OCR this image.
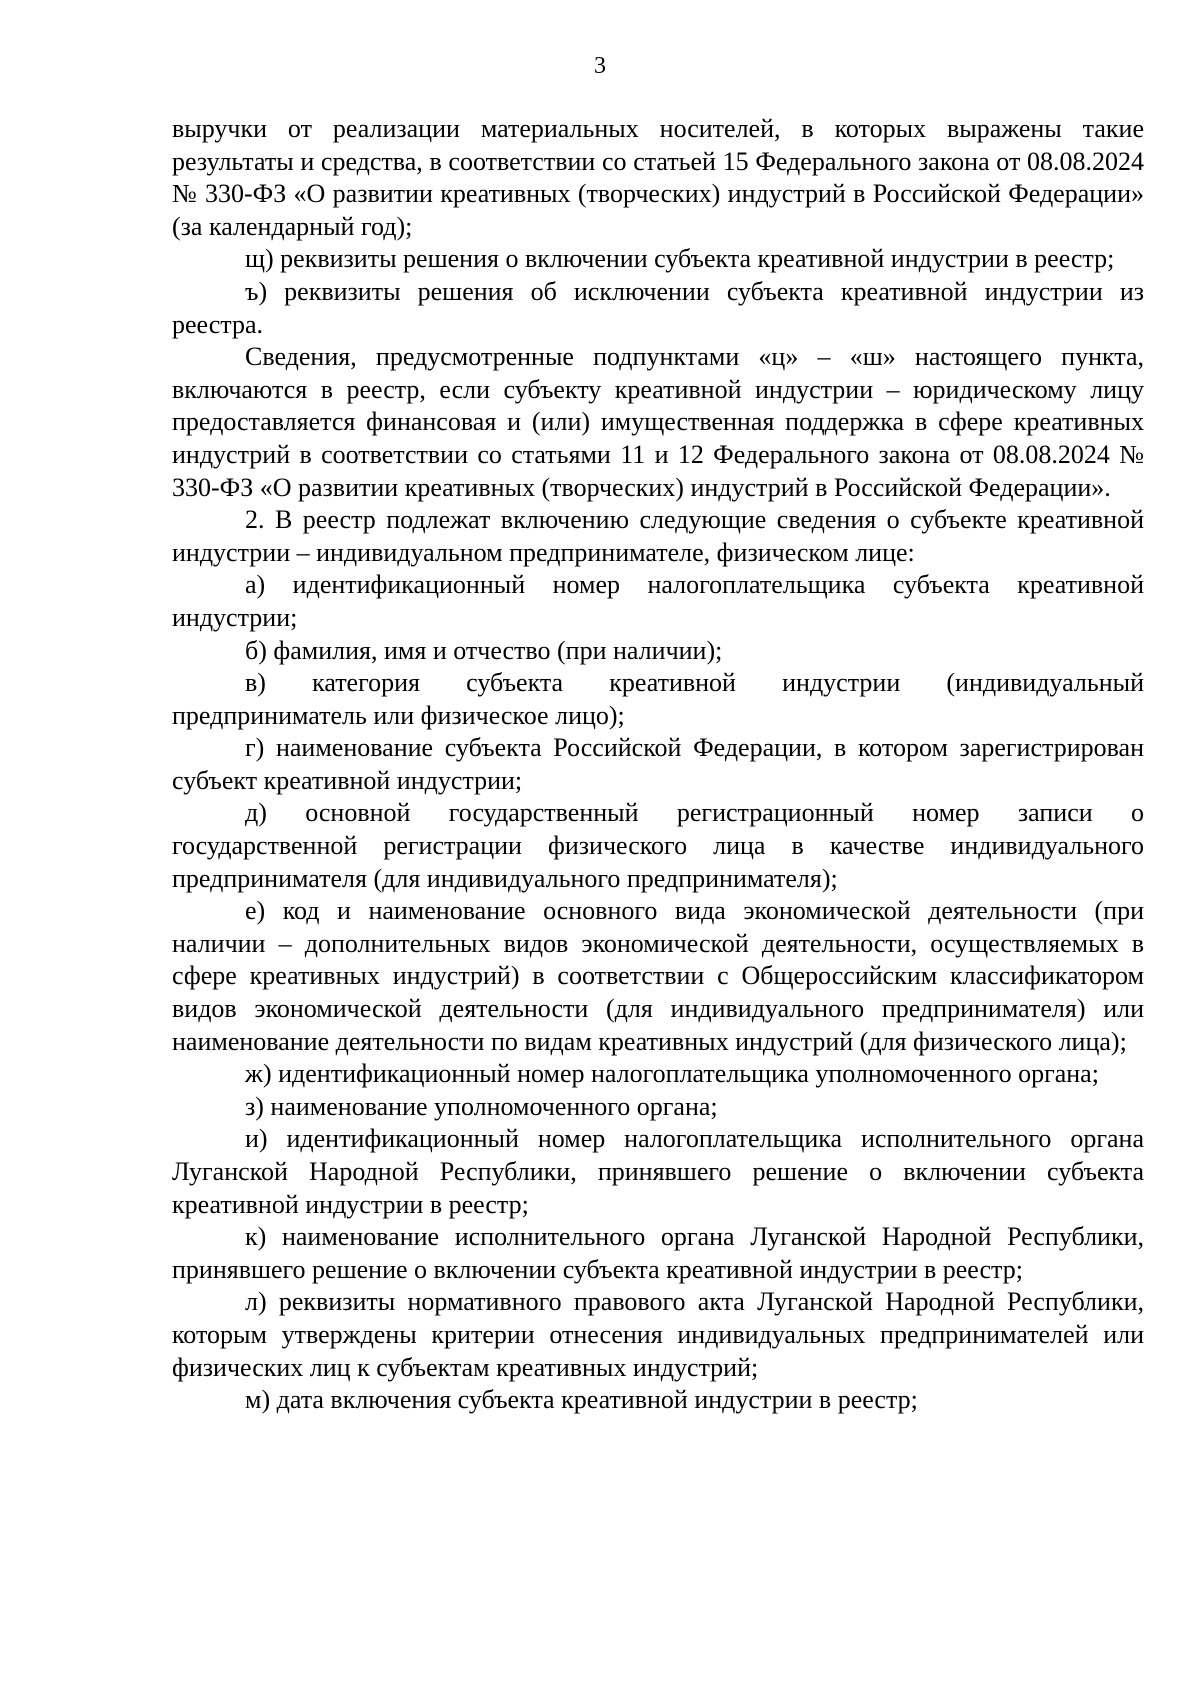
3

выручки от реализации материальных носителей, в которых выражены такие результаты и средства, в соответствии со статьей 15 Федерального закона от 08.08.2024 № 330-ФЗ «О развитии креативных (творческих) индустрий в Российской Федерации» (за календарный год);

щ) реквизиты решения о включении субъекта креативной индустрии в реестр;

ъ) реквизиты решения об исключении субъекта креативной индустрии из реестра.

Сведения, предусмотренные подпунктами «ц» – «ш» настоящего пункта, включаются в реестр, если субъекту креативной индустрии – юридическому лицу предоставляется финансовая и (или) имущественная поддержка в сфере креативных индустрий в соответствии со статьями 11 и 12 Федерального закона от 08.08.2024 № 330-ФЗ «О развитии креативных (творческих) индустрий в Российской Федерации».

2. В реестр подлежат включению следующие сведения о субъекте креативной индустрии – индивидуальном предпринимателе, физическом лице:

а) идентификационный номер налогоплательщика субъекта креативной индустрии;

б) фамилия, имя и отчество (при наличии);

в) категория субъекта креативной индустрии (индивидуальный предприниматель или физическое лицо);

г) наименование субъекта Российской Федерации, в котором зарегистрирован субъект креативной индустрии;

д) основной государственный регистрационный номер записи о государственной регистрации физического лица в качестве индивидуального предпринимателя (для индивидуального предпринимателя);

е) код и наименование основного вида экономической деятельности (при наличии – дополнительных видов экономической деятельности, осуществляемых в сфере креативных индустрий) в соответствии с Общероссийским классификатором видов экономической деятельности (для индивидуального предпринимателя) или наименование деятельности по видам креативных индустрий (для физического лица);

ж) идентификационный номер налогоплательщика уполномоченного органа;

з) наименование уполномоченного органа;

и) идентификационный номер налогоплательщика исполнительного органа Луганской Народной Республики, принявшего решение о включении субъекта креативной индустрии в реестр;

к) наименование исполнительного органа Луганской Народной Республики, принявшего решение о включении субъекта креативной индустрии в реестр;

л) реквизиты нормативного правового акта Луганской Народной Республики, которым утверждены критерии отнесения индивидуальных предпринимателей или физических лиц к субъектам креативных индустрий;

м) дата включения субъекта креативной индустрии в реестр;
